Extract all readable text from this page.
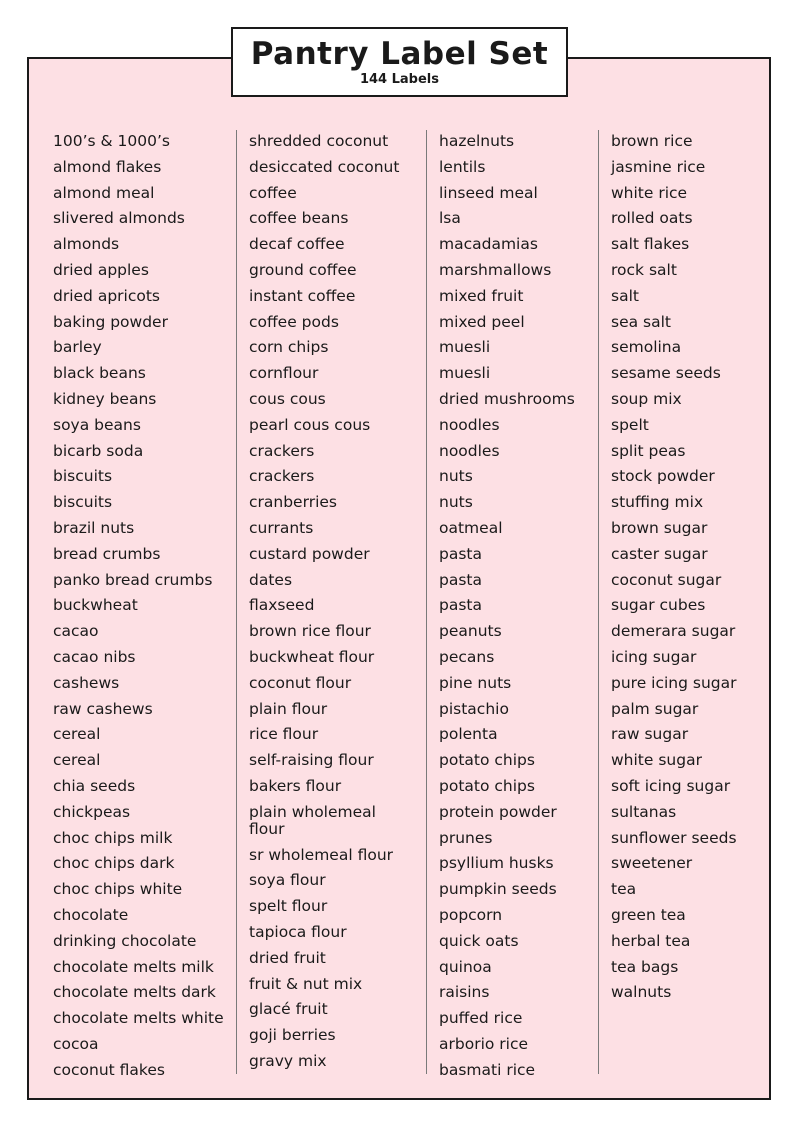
Pantry Label Set
144 Labels
100’s & 1000’s
almond flakes
almond meal
slivered almonds
almonds
dried apples
dried apricots
baking powder
barley
black beans
kidney beans
soya beans
bicarb soda
biscuits
biscuits
brazil nuts
bread crumbs
panko bread crumbs
buckwheat
cacao
cacao nibs
cashews
raw cashews
cereal
cereal
chia seeds
chickpeas
choc chips milk
choc chips dark
choc chips white
chocolate
drinking chocolate
chocolate melts milk
chocolate melts dark
chocolate melts white
cocoa
coconut flakes
shredded coconut
desiccated coconut
coffee
coffee beans
decaf coffee
ground coffee
instant coffee
coffee pods
corn chips
cornflour
cous cous
pearl cous cous
crackers
crackers
cranberries
currants
custard powder
dates
flaxseed
brown rice flour
buckwheat flour
coconut flour
plain flour
rice flour
self-raising flour
bakers flour
plain wholemeal flour
sr wholemeal flour
soya flour
spelt flour
tapioca flour
dried fruit
fruit & nut mix
glacé fruit
goji berries
gravy mix
hazelnuts
lentils
linseed meal
lsa
macadamias
marshmallows
mixed fruit
mixed peel
muesli
muesli
dried mushrooms
noodles
noodles
nuts
nuts
oatmeal
pasta
pasta
pasta
peanuts
pecans
pine nuts
pistachio
polenta
potato chips
potato chips
protein powder
prunes
psyllium husks
pumpkin seeds
popcorn
quick oats
quinoa
raisins
puffed rice
arborio rice
basmati rice
brown rice
jasmine rice
white rice
rolled oats
salt flakes
rock salt
salt
sea salt
semolina
sesame seeds
soup mix
spelt
split peas
stock powder
stuffing mix
brown sugar
caster sugar
coconut sugar
sugar cubes
demerara sugar
icing sugar
pure icing sugar
palm sugar
raw sugar
white sugar
soft icing sugar
sultanas
sunflower seeds
sweetener
tea
green tea
herbal tea
tea bags
walnuts
